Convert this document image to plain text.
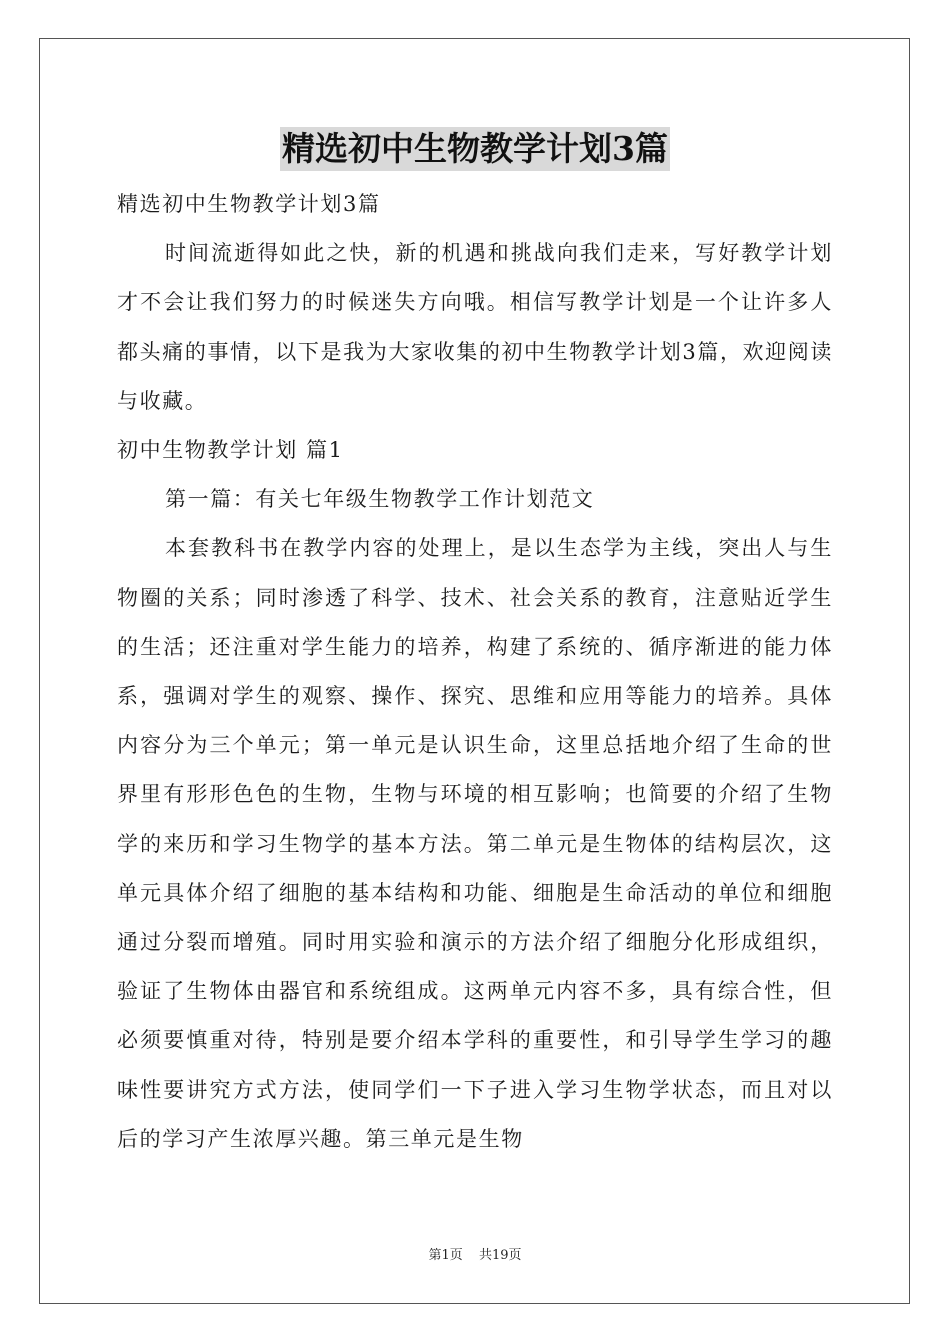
精选初中生物教学计划3篇

精选初中生物教学计划3篇

时间流逝得如此之快，新的机遇和挑战向我们走来，写好教学计划才不会让我们努力的时候迷失方向哦。相信写教学计划是一个让许多人都头痛的事情，以下是我为大家收集的初中生物教学计划3篇，欢迎阅读与收藏。

初中生物教学计划 篇1

第一篇：有关七年级生物教学工作计划范文

本套教科书在教学内容的处理上，是以生态学为主线，突出人与生物圈的关系；同时渗透了科学、技术、社会关系的教育，注意贴近学生的生活；还注重对学生能力的培养，构建了系统的、循序渐进的能力体系，强调对学生的观察、操作、探究、思维和应用等能力的培养。具体内容分为三个单元；第一单元是认识生命，这里总括地介绍了生命的世界里有形形色色的生物，生物与环境的相互影响；也简要的介绍了生物学的来历和学习生物学的基本方法。第二单元是生物体的结构层次，这单元具体介绍了细胞的基本结构和功能、细胞是生命活动的单位和细胞通过分裂而增殖。同时用实验和演示的方法介绍了细胞分化形成组织，验证了生物体由器官和系统组成。这两单元内容不多，具有综合性，但必须要慎重对待，特别是要介绍本学科的重要性，和引导学生学习的趣味性要讲究方式方法，使同学们一下子进入学习生物学状态，而且对以后的学习产生浓厚兴趣。第三单元是生物

第1页 共19页
